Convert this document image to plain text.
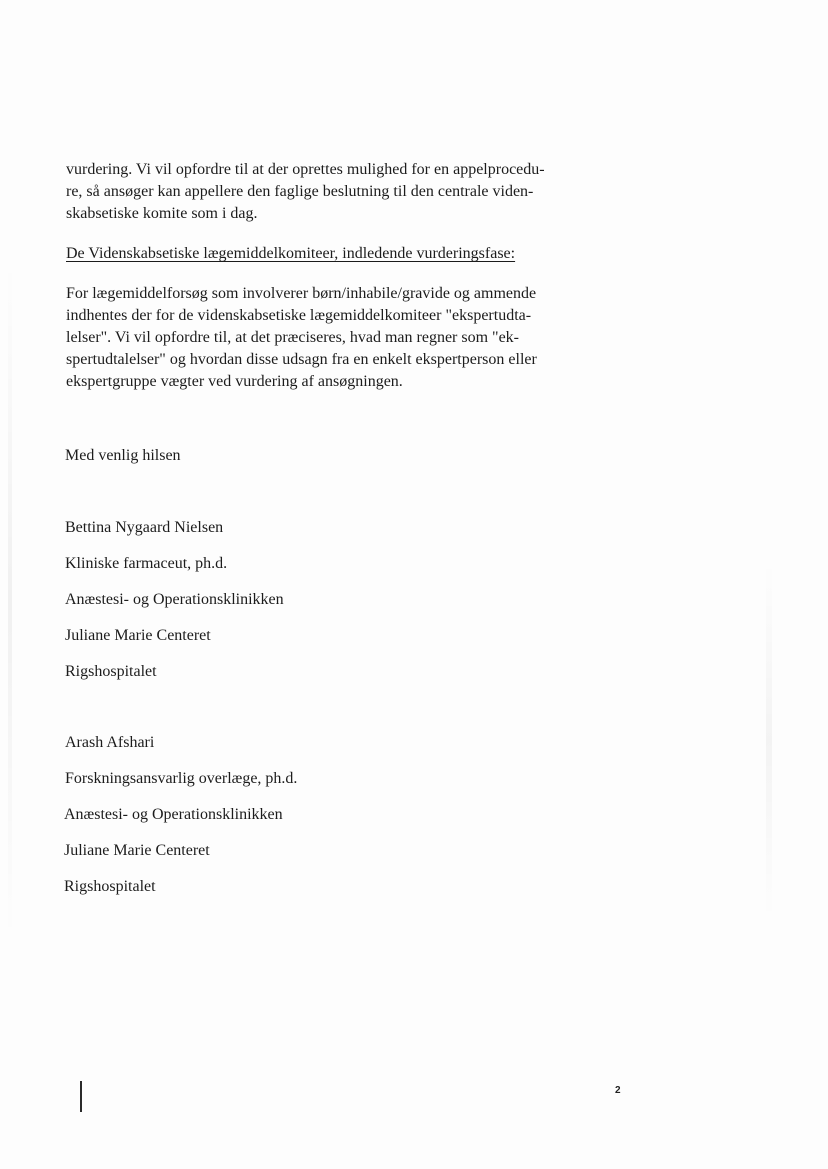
vurdering. Vi vil opfordre til at der oprettes mulighed for en appelprocedu-
re, så ansøger kan appellere den faglige beslutning til den centrale viden-
skabsetiske komite som i dag.

De Videnskabsetiske lægemiddelkomiteer, indledende vurderingsfase:

For lægemiddelforsøg som involverer børn/inhabile/gravide og ammende
indhentes der for de videnskabsetiske lægemiddelkomiteer "ekspertudta-
lelser". Vi vil opfordre til, at det præciseres, hvad man regner som "ek-
spertudtalelser" og hvordan disse udsagn fra en enkelt ekspertperson eller
ekspertgruppe vægter ved vurdering af ansøgningen.

Med venlig hilsen

Bettina Nygaard Nielsen

Kliniske farmaceut, ph.d.

Anæstesi- og Operationsklinikken

Juliane Marie Centeret

Rigshospitalet

Arash Afshari

Forskningsansvarlig overlæge, ph.d.

Anæstesi- og Operationsklinikken

Juliane Marie Centeret

Rigshospitalet

2
